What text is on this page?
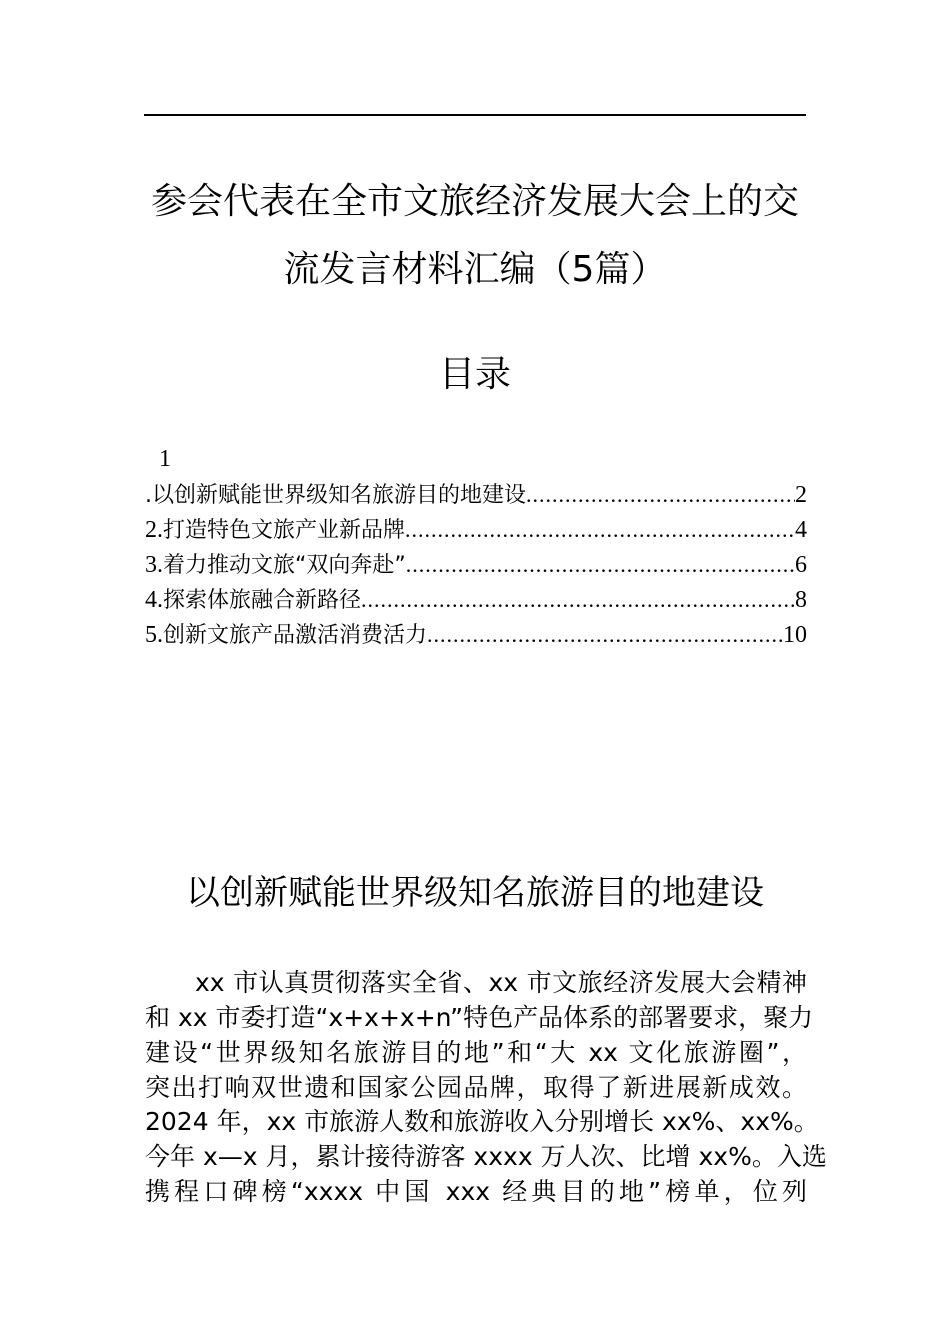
参会代表在全市文旅经济发展大会上的交
流发言材料汇编（5篇）
目录
1
.以创新赋能世界级知名旅游目的地建设 .....	2
2. 打造特色文旅产业新品牌 .....	4
3. 着力推动文旅“双向奔赴” .....	6
4. 探索体旅融合新路径 .....	8
5. 创新文旅产品激活消费活力 .....	10
以创新赋能世界级知名旅游目的地建设
xx 市认真贯彻落实全省、xx 市文旅经济发展大会精神
和 xx 市委打造“x+x+x+n”特色产品体系的部署要求，聚力
建设“世界级知名旅游目的地”和“大 xx 文化旅游圈”，
突出打响双世遗和国家公园品牌，取得了新进展新成效。
2024 年，xx 市旅游人数和旅游收入分别增长 xx%、xx%。
今年 x—x 月，累计接待游客 xxxx 万人次、比增 xx%。入选
携程口碑榜“xxxx 中国 xxx 经典目的地”榜单，位列
